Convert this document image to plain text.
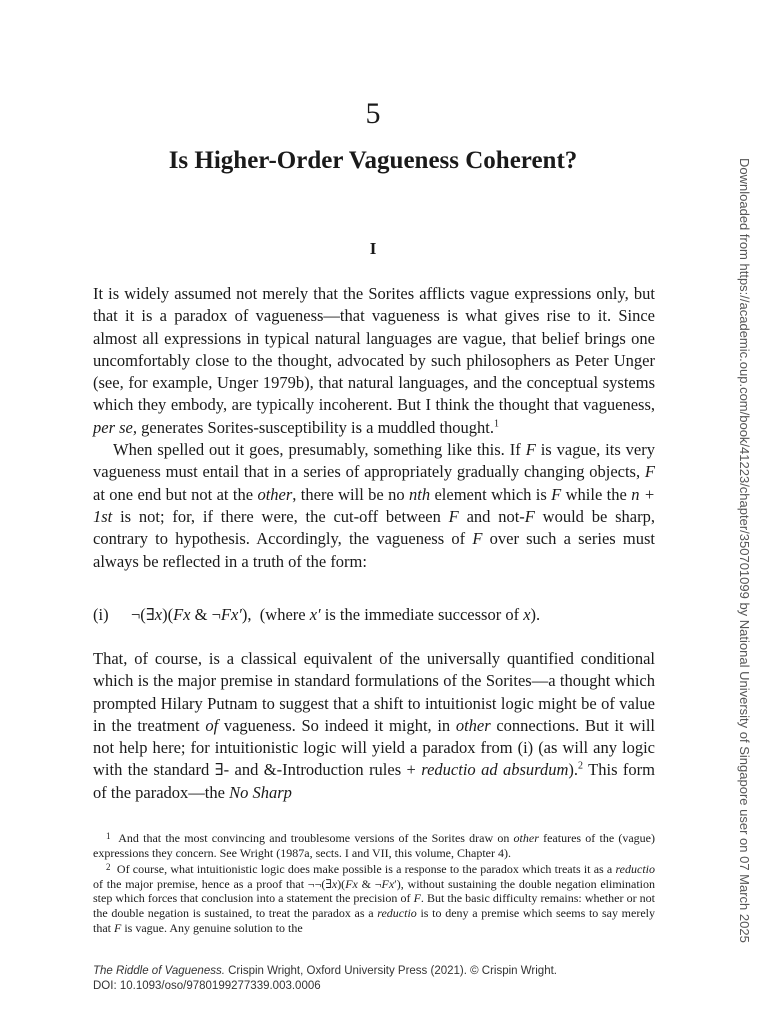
5
Is Higher-Order Vagueness Coherent?
I

It is widely assumed not merely that the Sorites afflicts vague expressions only, but that it is a paradox of vagueness—that vagueness is what gives rise to it. Since almost all expressions in typical natural languages are vague, that belief brings one uncomfortably close to the thought, advocated by such philosophers as Peter Unger (see, for example, Unger 1979b), that natural languages, and the conceptual systems which they embody, are typically incoherent. But I think the thought that vagueness, per se, generates Sorites-susceptibility is a muddled thought.$^1$

When spelled out it goes, presumably, something like this. If F is vague, its very vagueness must entail that in a series of appropriately gradually changing objects, F at one end but not at the other, there will be no nth element which is F while the n + 1st is not; for, if there were, the cut-off between F and not-F would be sharp, contrary to hypothesis. Accordingly, the vagueness of F over such a series must always be reflected in a truth of the form:

(i) ¬(∃x)(Fx & ¬Fx′), (where x′ is the immediate successor of x).

That, of course, is a classical equivalent of the universally quantified conditional which is the major premise in standard formulations of the Sorites—a thought which prompted Hilary Putnam to suggest that a shift to intuitionist logic might be of value in the treatment of vagueness. So indeed it might, in other connections. But it will not help here; for intuitionistic logic will yield a paradox from (i) (as will any logic with the standard ∃- and &-Introduction rules + reductio ad absurdum).$^2$ This form of the paradox—the No Sharp

$^1$  And that the most convincing and troublesome versions of the Sorites draw on other features of the (vague) expressions they concern. See Wright (1987a, sects. I and VII, this volume, Chapter 4).

$^2$  Of course, what intuitionistic logic does make possible is a response to the paradox which treats it as a reductio of the major premise, hence as a proof that ¬¬(∃x)(Fx & ¬Fx′), without sustaining the double negation elimination step which forces that conclusion into a statement the precision of F. But the basic difficulty remains: whether or not the double negation is sustained, to treat the paradox as a reductio is to deny a premise which seems to say merely that F is vague. Any genuine solution to the

The Riddle of Vagueness. Crispin Wright, Oxford University Press (2021). © Crispin Wright.
DOI: 10.1093/oso/9780199277339.003.0006
Downloaded from https://academic.oup.com/book/41223/chapter/350701099 by National University of Singapore user on 07 March 2025
